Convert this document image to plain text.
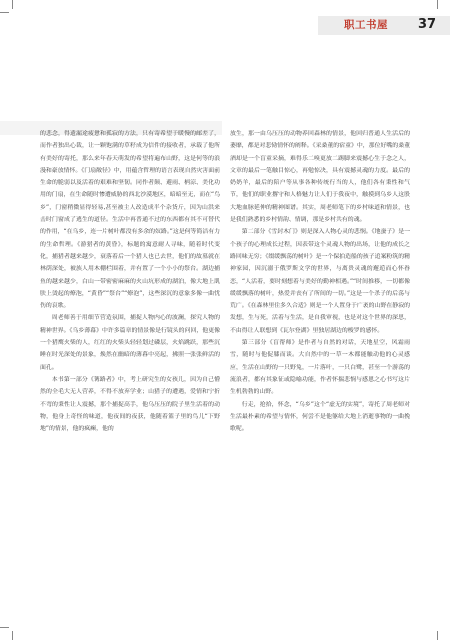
职工书屋 37

的悲念，得遗漏途疲惫和孤寂的方法，只有寄希望于暖慢的邮差了，而作者独出心裁，让一颗饱满的草籽成为信件的接收者，承载了他所有美好的寄托，那么来年春天萌发的希望将遍布山野，这是何等的浪漫和豪放情怀。《门扇敞径》中，用蕴含哲理的语言表现自然灾害面前生命的脆弱以及活着的艰难和坚韧。同作者颠、避雨、柄涼、美化功用的门扇，在生命随时惨遭威胁的西北沙漠地区，暗暗至无，而在“鸟乡”，门窗稍微显得轻易,甚至被主人改造成半个杂货斤，因为山洪来击时门窗成了逃生的道径。生活中再普通不过的东西都有其不可替代的作用，“在乌乡，连一片树叶都没有多余的奴路。”这是何等简洁有力的生命哲理。《游猎者的黄昏》，标题的寓意耐人寻味，随着时代变化，捕猎者越来越少，衰落着后一个猎人也已去世，他们的故墓就在林荫深处，被族人用木棚栏围着，并有置了一个小小的祭台。湖边捕鱼的越来越少，白山一带密密麻麻的火山坑形成的湖泊，像大地上肌肤上烫起的燎泡，“黄昏”“祭台”“燎泡”，这些深沉的意象多像一曲忧伤的哀歌。

周老师善于用细节营造氛围，捕捉人物内心的波澜，探究人物的精神世界。《乌乡薄幕》中许多篇章的情景像是行镜头的问回，他更像一个猎鹰火柴的人，红红的火柴头轻轻划过磷层，火焰跳跃，那些沉睡在时光深处的景象，焕然在幽暗的薄暮中亮起，拂照一张张鲜活的面孔。

本书第一部分《篝路者》中，考上研究生的女孩儿，因为自己懵然的全毛大无人营养，不得不放弃学业；山猎子的遭遇，爱情和宁折不弯的秉性让人震撼，那个捕捉高手，他乌压压的院子里生活着的动物，他身上奇怪的味道，他夜间的夜获，他随着篮子里的鸟儿“下野地”的情景，他的疯癫，他的

放生，那一由乌压压的动物养回森林的情景，他回归普通人生活后的萎靡，都是对悲恸情怀的阐释。《采桑董的宿童》中，那位好嘴的桑董酒却是一个盲童采摘，难得乐二嗅更放二踢脚来震撼心生于念之人，文章的最后一笔触目惊心，再勉惊决，具有震撼灵魂的力度。最后的奶奶羊，最后的陪户等从事各种传统行当的人，他们各有秉性和气节，他们的职业撂守和人格魅力让人们于我夜中，触摸到乌乡人这股大地血脉延伸的精神图谱。其实，周老师笔下的乡村味道和情景，也是我们熟悉的乡村情韵、情调，那是乡村共有的魂。

第二部分《雪封木门》则是深入人物心灵的悲悯。《地蚕子》是一个孩子的心理成长过程，因表带这个灵魂人物的出场，让他的成长之路回味无穷；《缀缓飘荡的树叶》是一个保拍造船的孩子追案粉筑的精神家园，因沉溺于俄罗斯文学的世界，与离贵灵魂的邂逅而心怀眷恋，“人活着，要时刻想着与美好的勤神相遇。”“时间推移，一切都像缓缓飘落的树叶，热爱并丧有了所间的一切。”这是一个杀子的后荡与荒广。《在森林里住多久合适》则是一个人置身于广袤的山野在静寂的发想，生与死，活着与生活，是自我审视，也是对这个世界的深思，不由得让人联想到《瓦尔登湖》里独居湖边的梭罗的感怀。

第三部分《盲帮师》是作者与自然的对话，天地星空，风霜雨雪，随时与他促膝而谈。大自然中的一草一木都能触动他的心灵感应，生活在山野的一只野兔，一片落叶，一只白鹭，甚至一个游荡的流浪者，都有其象征或隐喻功能，作者怀揣悲悯与感恩之心书写这片生机勃勃的山野。

行走，抢拾，怀念，“乌乡”这个“虚无的实境”，寄托了周老师对生活最朴素的希望与情怀，何尝不是他躯给大地上消逝事物的一曲挽歌呢。
